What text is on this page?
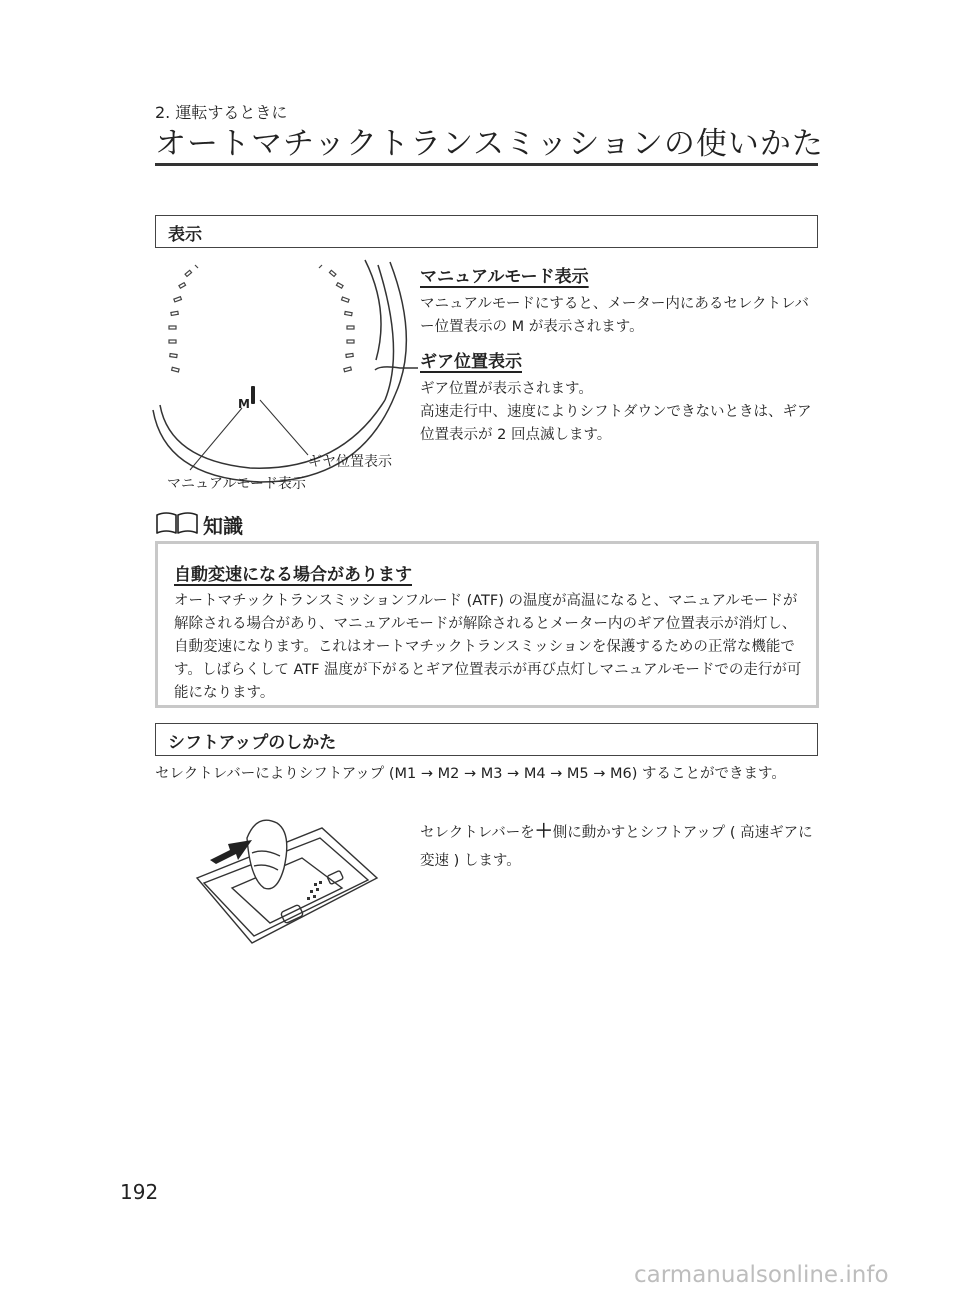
2. 運転するときに
オートマチックトランスミッションの使いかた
表示
M
ギヤ位置表示
マニュアルモード表示
マニュアルモード表示
マニュアルモードにすると、メーター内にあるセレクトレバー位置表示の M が表示されます。
ギア位置表示
ギア位置が表示されます。
高速走行中、速度によりシフトダウンできないときは、ギア位置表示が 2 回点滅します。
知識
自動変速になる場合があります
オートマチックトランスミッションフルード (ATF) の温度が高温になると、マニュアルモードが解除される場合があり、マニュアルモードが解除されるとメーター内のギア位置表示が消灯し、自動変速になります。これはオートマチックトランスミッションを保護するための正常な機能です。しばらくして ATF 温度が下がるとギア位置表示が再び点灯しマニュアルモードでの走行が可能になります。
シフトアップのしかた
セレクトレバーによりシフトアップ (M1 → M2 → M3 → M4 → M5 → M6) することができます。
セレクトレバーを＋側に動かすとシフトアップ ( 高速ギアに変速 ) します。
192
carmanualsonline.info
